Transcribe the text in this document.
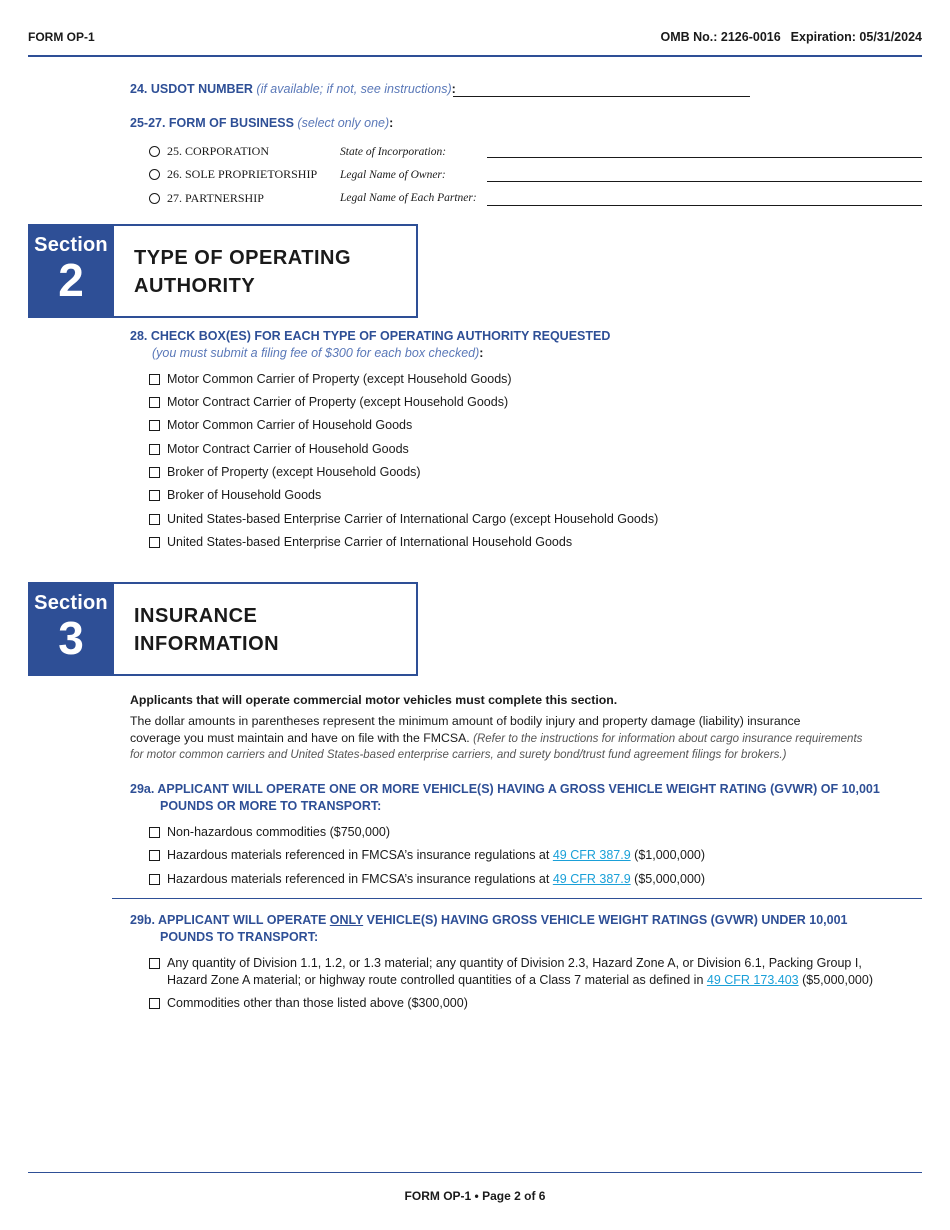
FORM OP-1	OMB No.: 2126-0016 Expiration: 05/31/2024
24. USDOT NUMBER (if available; if not, see instructions):
25-27. FORM OF BUSINESS (select only one):
25. CORPORATION	State of Incorporation:
26. SOLE PROPRIETORSHIP Legal Name of Owner:
27. PARTNERSHIP	Legal Name of Each Partner:
TYPE OF OPERATING
AUTHORITY
Section
2
28. CHECK BOX(ES) FOR EACH TYPE OF OPERATING AUTHORITY REQUESTED
(you must submit a filing fee of $300 for each box checked):
Motor Common Carrier of Property (except Household Goods)
Motor Contract Carrier of Property (except Household Goods)
Motor Common Carrier of Household Goods
Motor Contract Carrier of Household Goods
Broker of Property (except Household Goods)
Broker of Household Goods
United States-based Enterprise Carrier of International Cargo (except Household Goods)
United States-based Enterprise Carrier of International Household Goods
INSURANCE
INFORMATION
Section
3
Applicants that will operate commercial motor vehicles must complete this section.
The dollar amounts in parentheses represent the minimum amount of bodily injury and property damage (liability) insurance
coverage you must maintain and have on file with the FMCSA. (Refer to the instructions for information about cargo insurance requirements
for motor common carriers and United States-based enterprise carriers, and surety bond/trust fund agreement filings for brokers.)
29a. APPLICANT WILL OPERATE ONE OR MORE VEHICLE(S) HAVING A GROSS VEHICLE WEIGHT RATING (GVWR) OF 10,001
POUNDS OR MORE TO TRANSPORT:
Non-hazardous commodities ($750,000)
Hazardous materials referenced in FMCSA’s insurance regulations at 49 CFR 387.9 ($1,000,000)
Hazardous materials referenced in FMCSA’s insurance regulations at 49 CFR 387.9 ($5,000,000)
29b. APPLICANT WILL OPERATE ONLY VEHICLE(S) HAVING GROSS VEHICLE WEIGHT RATINGS (GVWR) UNDER 10,001
POUNDS TO TRANSPORT:
Any quantity of Division 1.1, 1.2, or 1.3 material; any quantity of Division 2.3, Hazard Zone A, or Division 6.1, Packing Group I,
Hazard Zone A material; or highway route controlled quantities of a Class 7 material as defined in 49 CFR 173.403 ($5,000,000)
Commodities other than those listed above ($300,000)
FORM OP-1 • Page 2 of 6
